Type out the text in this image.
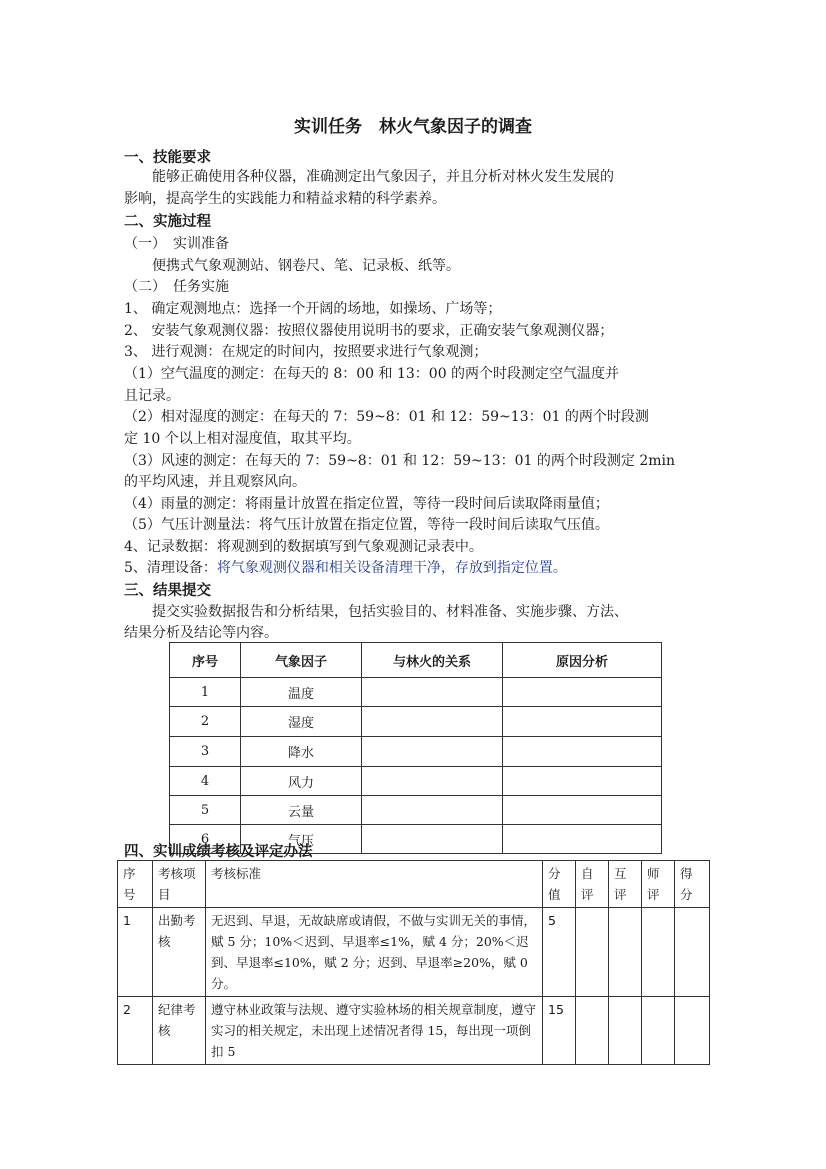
实训任务　林火气象因子的调查
一、技能要求
　　能够正确使用各种仪器，准确测定出气象因子，并且分析对林火发生发展的
影响，提高学生的实践能力和精益求精的科学素养。
二、实施过程
（一）　实训准备
　　便携式气象观测站、钢卷尺、笔、记录板、纸等。
（二）　任务实施
1、 确定观测地点：选择一个开阔的场地，如操场、广场等；
2、 安装气象观测仪器：按照仪器使用说明书的要求，正确安装气象观测仪器；
3、 进行观测：在规定的时间内，按照要求进行气象观测；
（1）空气温度的测定：在每天的 8：00 和 13：00 的两个时段测定空气温度并
且记录。
（2）相对湿度的测定：在每天的 7：59~8：01 和 12：59~13：01 的两个时段测
定 10 个以上相对湿度值，取其平均。
（3）风速的测定：在每天的 7：59~8：01 和 12：59~13：01 的两个时段测定 2min
的平均风速，并且观察风向。
（4）雨量的测定：将雨量计放置在指定位置，等待一段时间后读取降雨量值；
（5）气压计测量法：将气压计放置在指定位置，等待一段时间后读取气压值。
4、记录数据：将观测到的数据填写到气象观测记录表中。
5、清理设备：将气象观测仪器和相关设备清理干净，存放到指定位置。
三、结果提交
　　提交实验数据报告和分析结果，包括实验目的、材料准备、实施步骤、方法、
结果分析及结论等内容。
序号	气象因子	与林火的关系	原因分析
1	温度		
2	湿度		
3	降水		
4	风力		
5	云量		
6	气压		
四、实训成绩考核及评定办法
序号	考核项目	考核标准	分值	自评	互评	师评	得分
1	出勤考核	无迟到、早退，无故缺席或请假，不做与实训无关的事情，赋 5 分；10%＜迟到、早退率≤1%，赋 4 分；20%＜迟到、早退率≤10%，赋 2 分；迟到、早退率≥20%，赋 0 分。	5				
2	纪律考核	遵守林业政策与法规、遵守实验林场的相关规章制度，遵守实习的相关规定，未出现上述情况者得 15，每出现一项倒扣 5	15				
